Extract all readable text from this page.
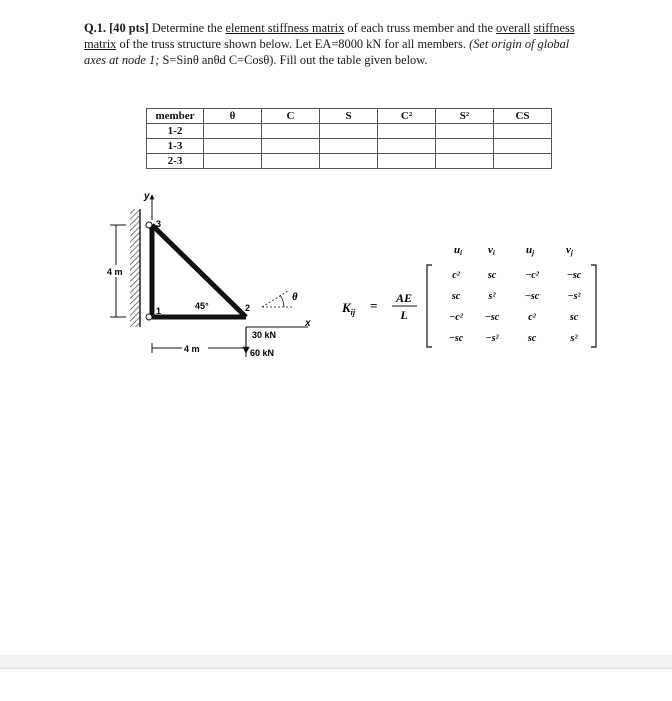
Q.1. [40 pts] Determine the element stiffness matrix of each truss member and the overall stiffness matrix of the truss structure shown below. Let EA=8000 kN for all members. (Set origin of global axes at node 1; S=Sinθ anθd C=Cosθ). Fill out the table given below.
member	θ	C	S	C²	S²	CS
1-2						
1-3						
2-3						
y
3
1	2
45°
4 m
4 m
x
30 kN
60 kN
θ
ui vi	uj	vj
$K_{ij}$ = AE
L
c²	sc	−c²	−sc
sc	s²	−sc	−s²
−c² −sc	c²	sc
−sc −s²	sc	s²
